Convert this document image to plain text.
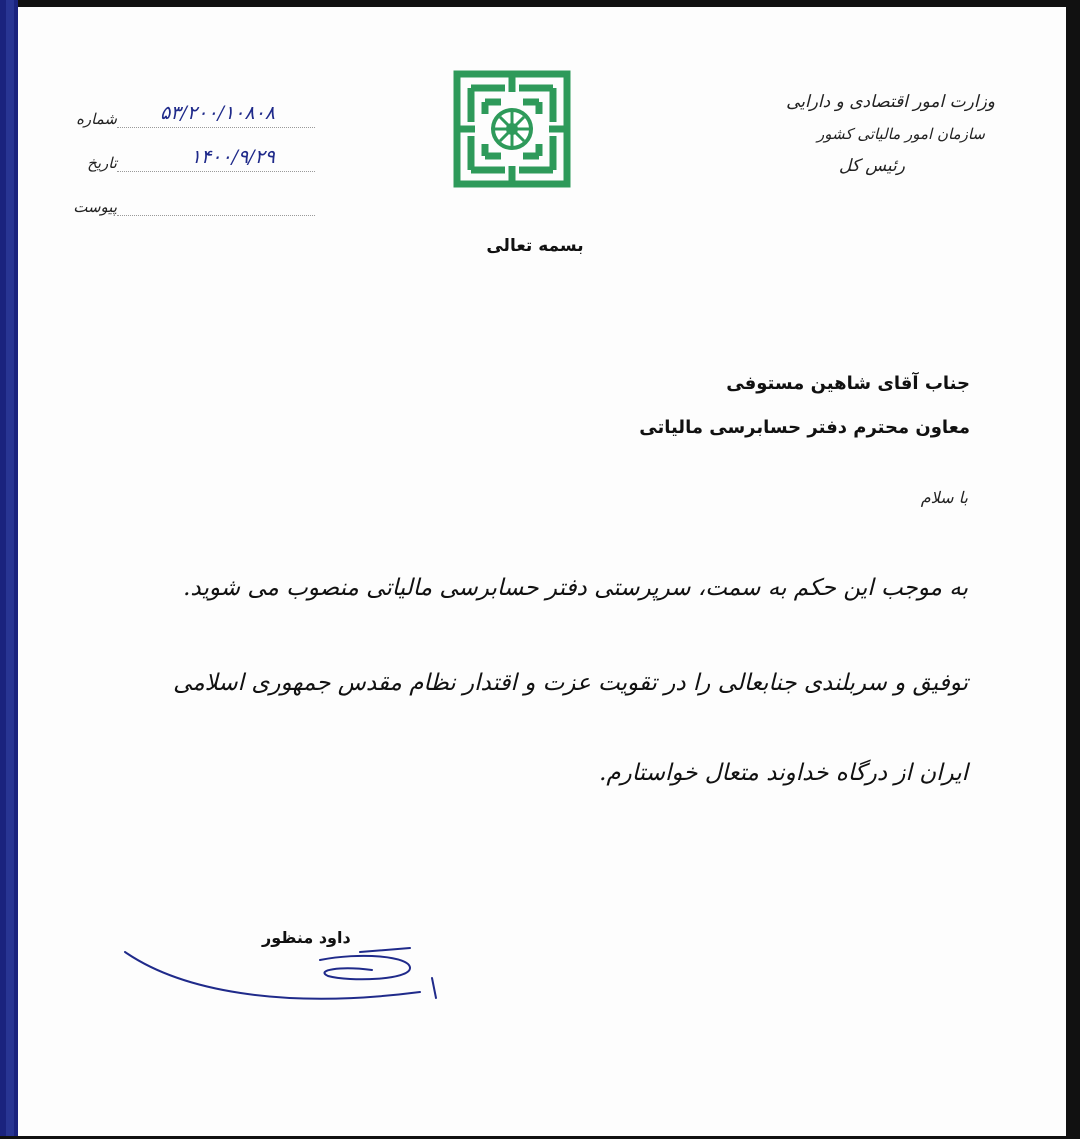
وزارت امور اقتصادی و دارایی
سازمان امور مالیاتی کشور
رئیس کل
شماره ۵۳/۲۰۰/۱۰۸۰۸
تاریخ	۱۴۰۰/۹/۲۹
پیوست
بسمه تعالی
جناب آقای شاهین مستوفی
معاون محترم دفتر حسابرسی مالیاتی
با سلام
به موجب این حکم به سمت، سرپرستی دفتر حسابرسی مالیاتی منصوب می شوید.
توفیق و سربلندی جنابعالی را در تقویت عزت و اقتدار نظام مقدس جمهوری اسلامی ایران از درگاه خداوند متعال خواستارم.
داود منظور
